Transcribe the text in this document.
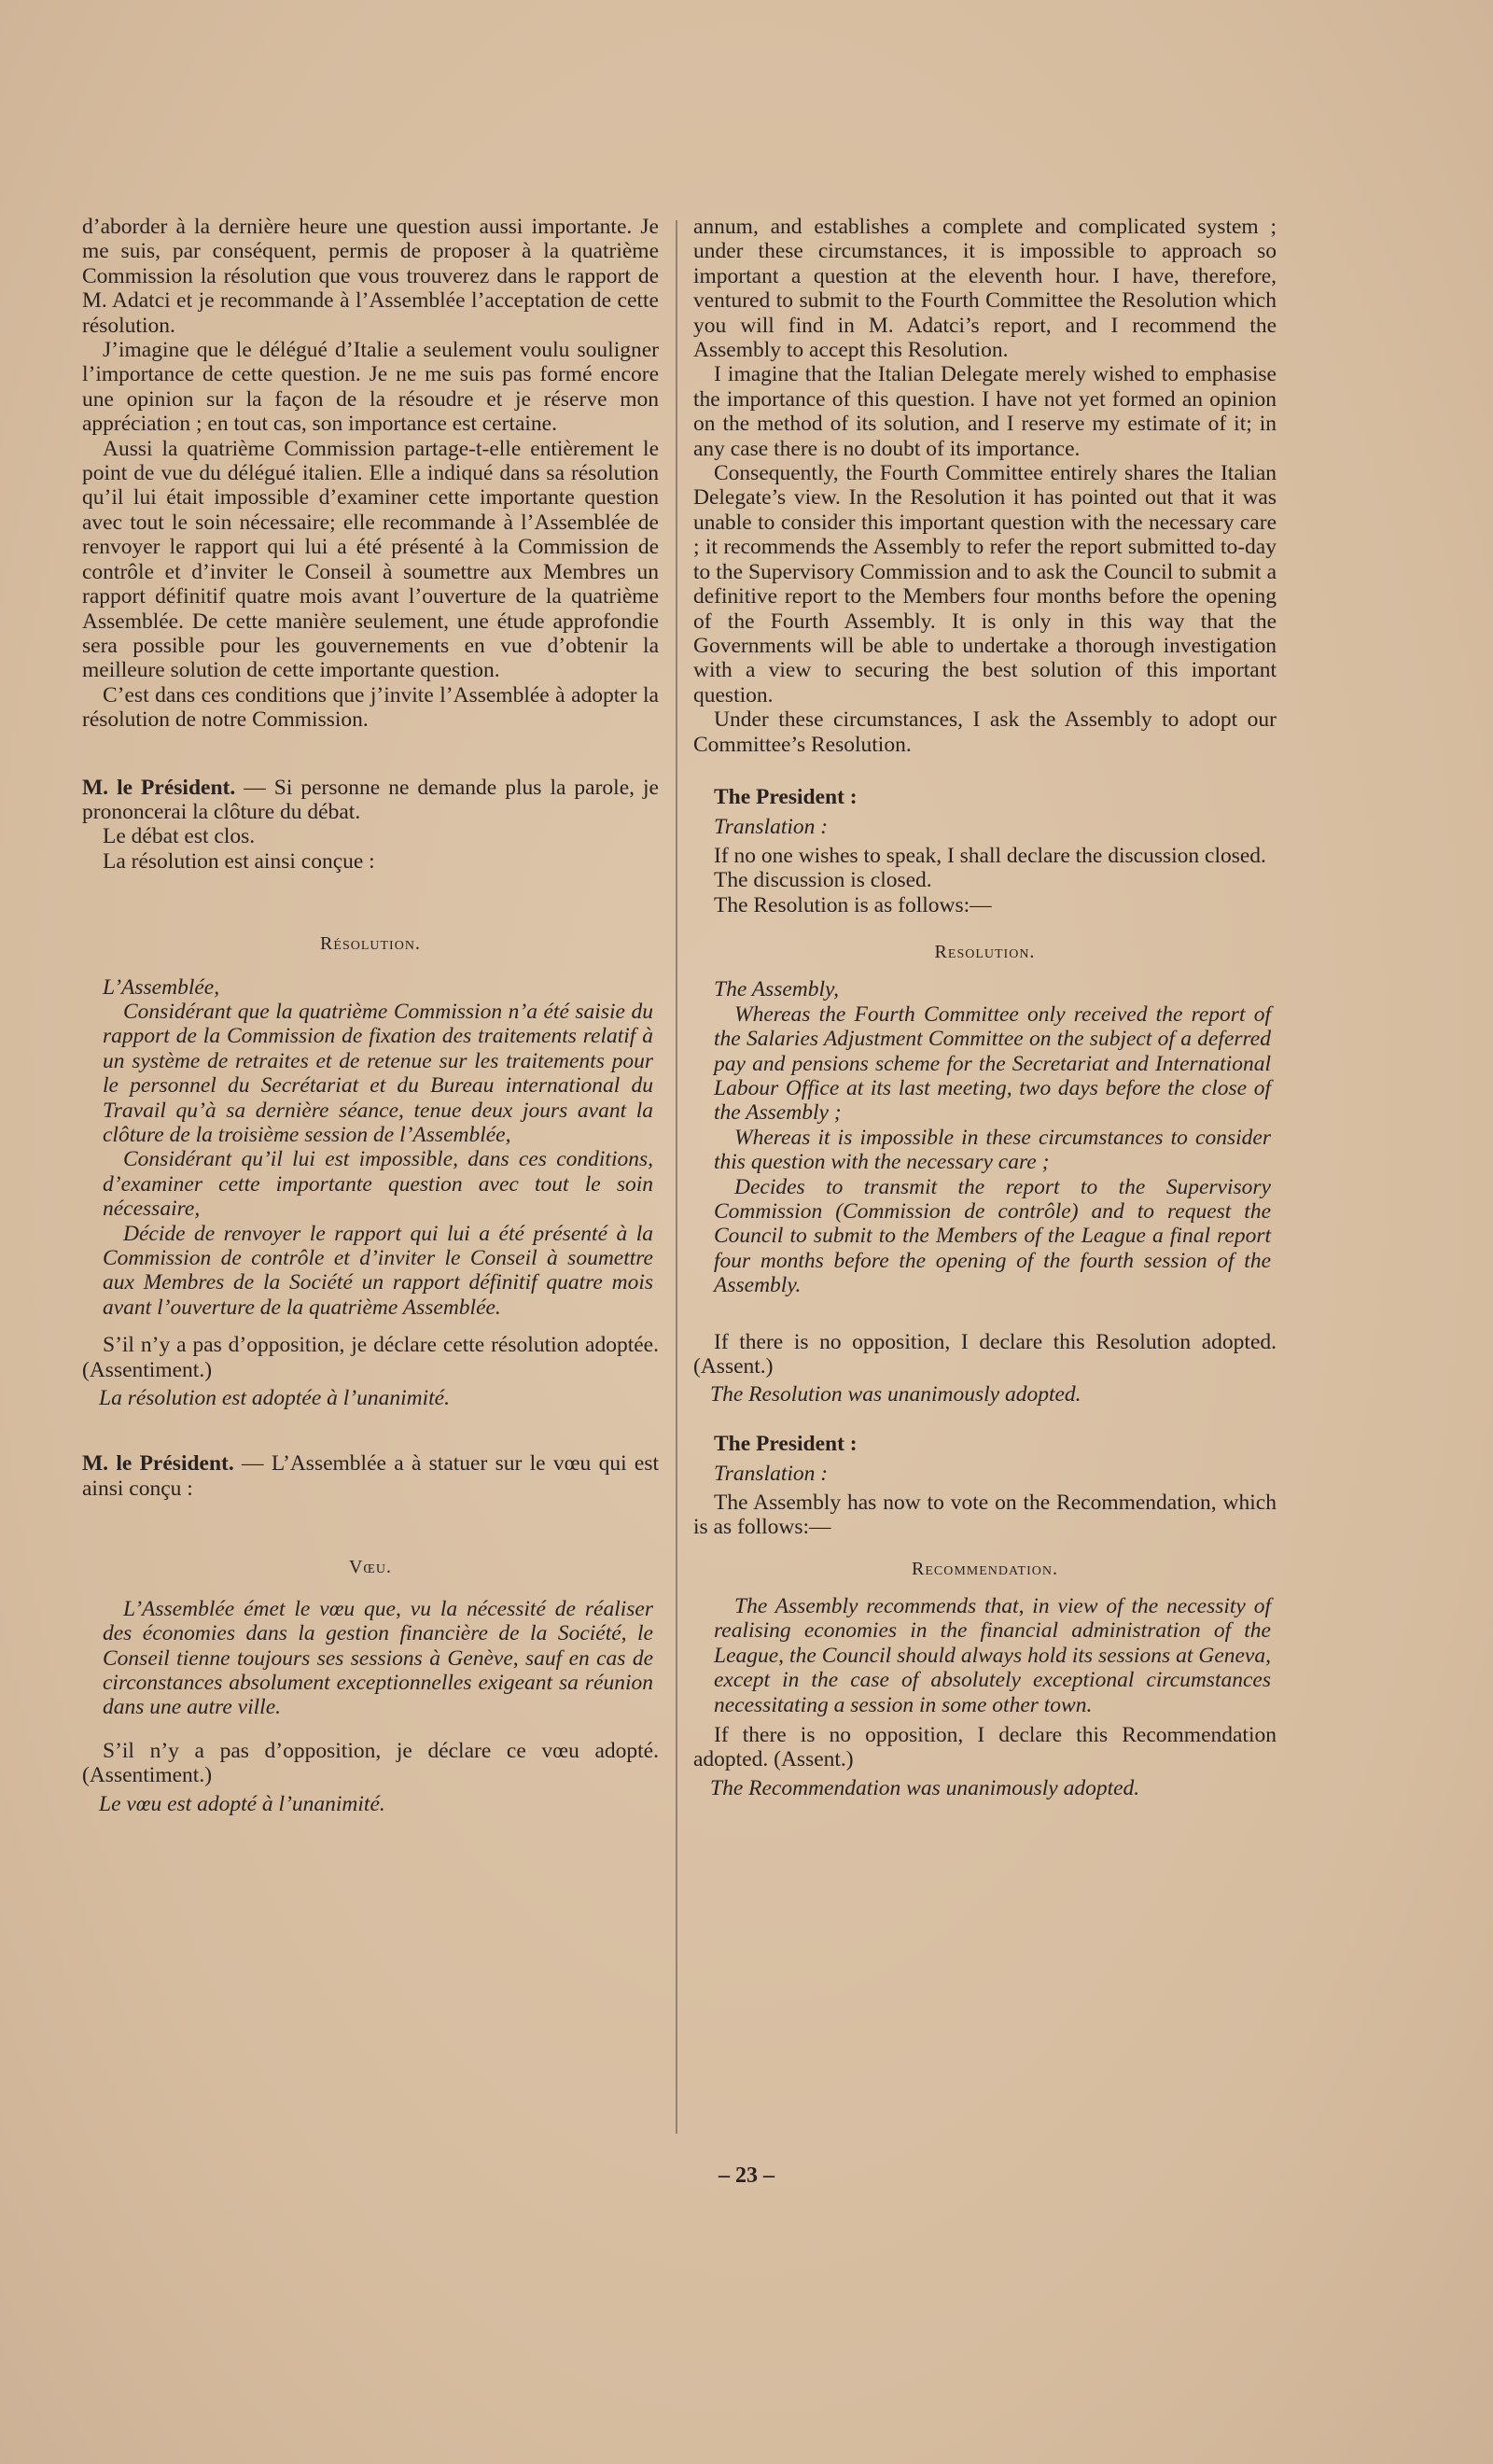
d’aborder à la dernière heure une question aussi importante. Je me suis, par conséquent, permis de proposer à la quatrième Commission la résolution que vous trouverez dans le rapport de M. Adatci et je recommande à l’Assemblée l’acceptation de cette résolution.

J’imagine que le délégué d’Italie a seulement voulu souligner l’importance de cette question. Je ne me suis pas formé encore une opinion sur la façon de la résoudre et je réserve mon appréciation ; en tout cas, son importance est certaine.

Aussi la quatrième Commission partage-t-elle entièrement le point de vue du délégué italien. Elle a indiqué dans sa résolution qu’il lui était impossible d’examiner cette importante question avec tout le soin nécessaire; elle recommande à l’Assemblée de renvoyer le rapport qui lui a été présenté à la Commission de contrôle et d’inviter le Conseil à soumettre aux Membres un rapport définitif quatre mois avant l’ouverture de la quatrième Assemblée. De cette manière seulement, une étude approfondie sera possible pour les gouvernements en vue d’obtenir la meilleure solution de cette importante question.

C’est dans ces conditions que j’invite l’Assemblée à adopter la résolution de notre Commission.

M. le Président. — Si personne ne demande plus la parole, je prononcerai la clôture du débat.

Le débat est clos.

La résolution est ainsi conçue :

Résolution.

L’Assemblée,

Considérant que la quatrième Commission n’a été saisie du rapport de la Commission de fixation des traitements relatif à un système de retraites et de retenue sur les traitements pour le personnel du Secrétariat et du Bureau international du Travail qu’à sa dernière séance, tenue deux jours avant la clôture de la troisième session de l’Assemblée,

Considérant qu’il lui est impossible, dans ces conditions, d’examiner cette importante question avec tout le soin nécessaire,

Décide de renvoyer le rapport qui lui a été présenté à la Commission de contrôle et d’inviter le Conseil à soumettre aux Membres de la Société un rapport définitif quatre mois avant l’ouverture de la quatrième Assemblée.

S’il n’y a pas d’opposition, je déclare cette résolution adoptée. (Assentiment.)

La résolution est adoptée à l’unanimité.

M. le Président. — L’Assemblée a à statuer sur le vœu qui est ainsi conçu :

Vœu.

L’Assemblée émet le vœu que, vu la nécessité de réaliser des économies dans la gestion financière de la Société, le Conseil tienne toujours ses sessions à Genève, sauf en cas de circonstances absolument exceptionnelles exigeant sa réunion dans une autre ville.

S’il n’y a pas d’opposition, je déclare ce vœu adopté. (Assentiment.)

Le vœu est adopté à l’unanimité.

annum, and establishes a complete and complicated system ; under these circumstances, it is impossible to approach so important a question at the eleventh hour. I have, therefore, ventured to submit to the Fourth Committee the Resolution which you will find in M. Adatci’s report, and I recommend the Assembly to accept this Resolution.

I imagine that the Italian Delegate merely wished to emphasise the importance of this question. I have not yet formed an opinion on the method of its solution, and I reserve my estimate of it; in any case there is no doubt of its importance.

Consequently, the Fourth Committee entirely shares the Italian Delegate’s view. In the Resolution it has pointed out that it was unable to consider this important question with the necessary care ; it recommends the Assembly to refer the report submitted to-day to the Supervisory Commission and to ask the Council to submit a definitive report to the Members four months before the opening of the Fourth Assembly. It is only in this way that the Governments will be able to undertake a thorough investigation with a view to securing the best solution of this important question.

Under these circumstances, I ask the Assembly to adopt our Committee’s Resolution.

The President :

Translation :

If no one wishes to speak, I shall declare the discussion closed.

The discussion is closed.

The Resolution is as follows:—

Resolution.

The Assembly,

Whereas the Fourth Committee only received the report of the Salaries Adjustment Committee on the subject of a deferred pay and pensions scheme for the Secretariat and International Labour Office at its last meeting, two days before the close of the Assembly ;

Whereas it is impossible in these circumstances to consider this question with the necessary care ;

Decides to transmit the report to the Supervisory Commission (Commission de contrôle) and to request the Council to submit to the Members of the League a final report four months before the opening of the fourth session of the Assembly.

If there is no opposition, I declare this Resolution adopted. (Assent.)

The Resolution was unanimously adopted.

The President :

Translation :

The Assembly has now to vote on the Recommendation, which is as follows:—

Recommendation.

The Assembly recommends that, in view of the necessity of realising economies in the financial administration of the League, the Council should always hold its sessions at Geneva, except in the case of absolutely exceptional circumstances necessitating a session in some other town.

If there is no opposition, I declare this Recommendation adopted. (Assent.)

The Recommendation was unanimously adopted.

– 23 –
